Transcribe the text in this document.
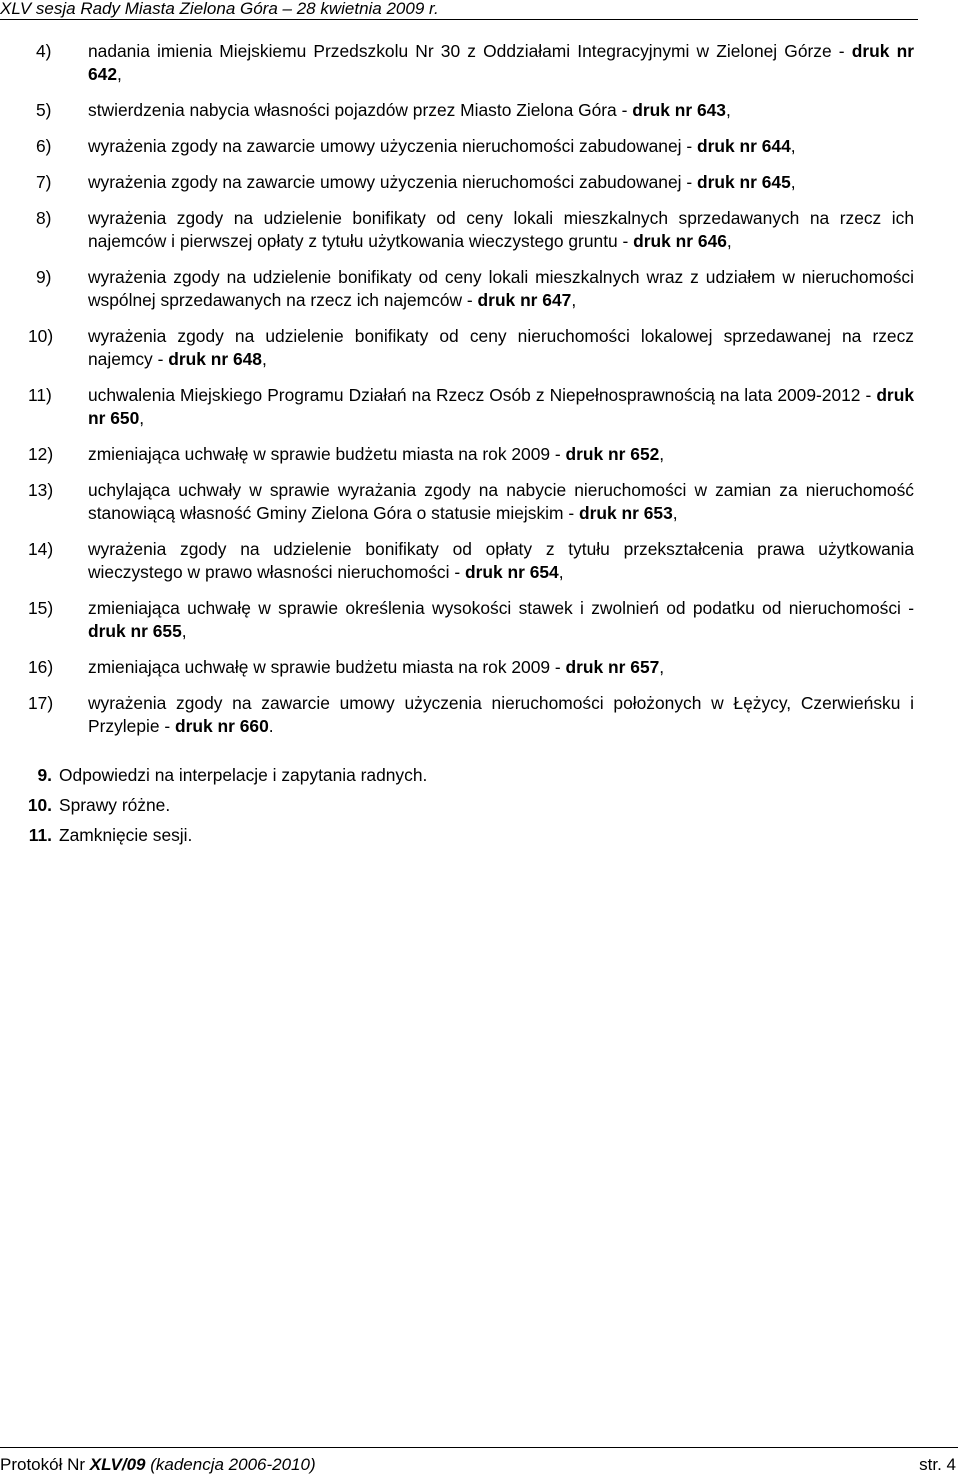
XLV sesja Rady Miasta Zielona Góra – 28 kwietnia 2009 r.
4) nadania imienia Miejskiemu Przedszkolu Nr 30 z Oddziałami Integracyjnymi w Zielonej Górze - druk nr 642,
5) stwierdzenia nabycia własności pojazdów przez Miasto Zielona Góra - druk nr 643,
6) wyrażenia zgody na zawarcie umowy użyczenia nieruchomości zabudowanej - druk nr 644,
7) wyrażenia zgody na zawarcie umowy użyczenia nieruchomości zabudowanej - druk nr 645,
8) wyrażenia zgody na udzielenie bonifikaty od ceny lokali mieszkalnych sprzedawanych na rzecz ich najemców i pierwszej opłaty z tytułu użytkowania wieczystego gruntu - druk nr 646,
9) wyrażenia zgody na udzielenie bonifikaty od ceny lokali mieszkalnych wraz z udziałem w nieruchomości wspólnej sprzedawanych na rzecz ich najemców - druk nr 647,
10) wyrażenia zgody na udzielenie bonifikaty od ceny nieruchomości lokalowej sprzedawanej na rzecz najemcy - druk nr 648,
11) uchwalenia Miejskiego Programu Działań na Rzecz Osób z Niepełnosprawnością na lata 2009-2012 - druk nr 650,
12) zmieniająca uchwałę w sprawie budżetu miasta na rok 2009 - druk nr 652,
13) uchylająca uchwały w sprawie wyrażania zgody na nabycie nieruchomości w zamian za nieruchomość stanowiącą własność Gminy Zielona Góra o statusie miejskim - druk nr 653,
14) wyrażenia zgody na udzielenie bonifikaty od opłaty z tytułu przekształcenia prawa użytkowania wieczystego w prawo własności nieruchomości - druk nr 654,
15) zmieniająca uchwałę w sprawie określenia wysokości stawek i zwolnień od podatku od nieruchomości - druk nr 655,
16) zmieniająca uchwałę w sprawie budżetu miasta na rok 2009 - druk nr 657,
17) wyrażenia zgody na zawarcie umowy użyczenia nieruchomości położonych w Łężycy, Czerwieńsku i Przylepie - druk nr 660.
9. Odpowiedzi na interpelacje i zapytania radnych.
10. Sprawy różne.
11. Zamknięcie sesji.
Protokół Nr XLV/09 (kadencja 2006-2010)	str. 4
